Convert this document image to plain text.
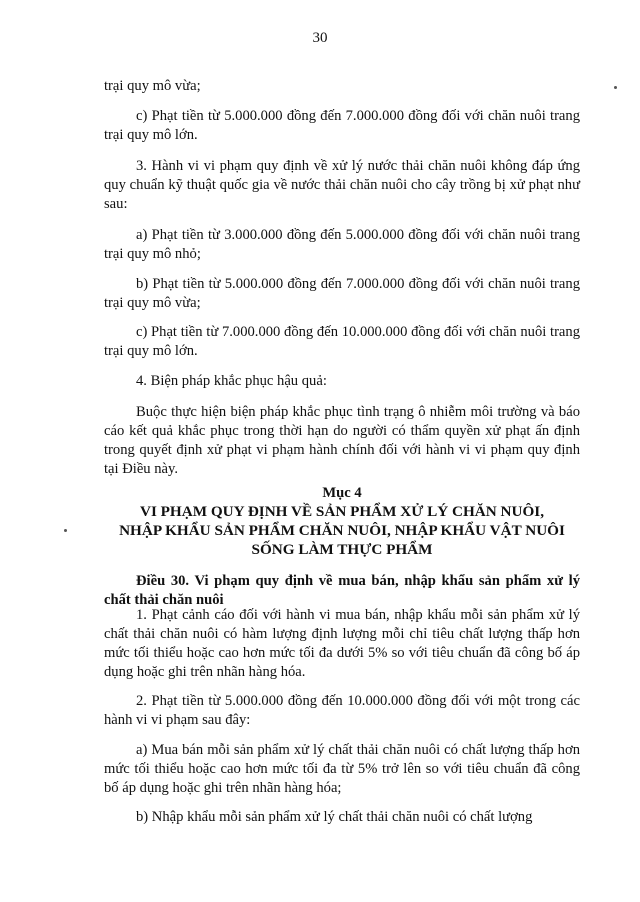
30

trại quy mô vừa;

c) Phạt tiền từ 5.000.000 đồng đến 7.000.000 đồng đối với chăn nuôi trang trại quy mô lớn.

3. Hành vi vi phạm quy định về xử lý nước thải chăn nuôi không đáp ứng quy chuẩn kỹ thuật quốc gia về nước thải chăn nuôi cho cây trồng bị xử phạt như sau:

a) Phạt tiền từ 3.000.000 đồng đến 5.000.000 đồng đối với chăn nuôi trang trại quy mô nhỏ;

b) Phạt tiền từ 5.000.000 đồng đến 7.000.000 đồng đối với chăn nuôi trang trại quy mô vừa;

c) Phạt tiền từ 7.000.000 đồng đến 10.000.000 đồng đối với chăn nuôi trang trại quy mô lớn.

4. Biện pháp khắc phục hậu quả:

Buộc thực hiện biện pháp khắc phục tình trạng ô nhiễm môi trường và báo cáo kết quả khắc phục trong thời hạn do người có thẩm quyền xử phạt ấn định trong quyết định xử phạt vi phạm hành chính đối với hành vi vi phạm quy định tại Điều này.

Mục 4
VI PHẠM QUY ĐỊNH VỀ SẢN PHẨM XỬ LÝ CHĂN NUÔI,
NHẬP KHẨU SẢN PHẨM CHĂN NUÔI, NHẬP KHẨU VẬT NUÔI
SỐNG LÀM THỰC PHẨM
Điều 30. Vi phạm quy định về mua bán, nhập khẩu sản phẩm xử lý chất thải chăn nuôi

1. Phạt cảnh cáo đối với hành vi mua bán, nhập khẩu mỗi sản phẩm xử lý chất thải chăn nuôi có hàm lượng định lượng mỗi chỉ tiêu chất lượng thấp hơn mức tối thiểu hoặc cao hơn mức tối đa dưới 5% so với tiêu chuẩn đã công bố áp dụng hoặc ghi trên nhãn hàng hóa.

2. Phạt tiền từ 5.000.000 đồng đến 10.000.000 đồng đối với một trong các hành vi vi phạm sau đây:

a) Mua bán mỗi sản phẩm xử lý chất thải chăn nuôi có chất lượng thấp hơn mức tối thiểu hoặc cao hơn mức tối đa từ 5% trở lên so với tiêu chuẩn đã công bố áp dụng hoặc ghi trên nhãn hàng hóa;

b) Nhập khẩu mỗi sản phẩm xử lý chất thải chăn nuôi có chất lượng
